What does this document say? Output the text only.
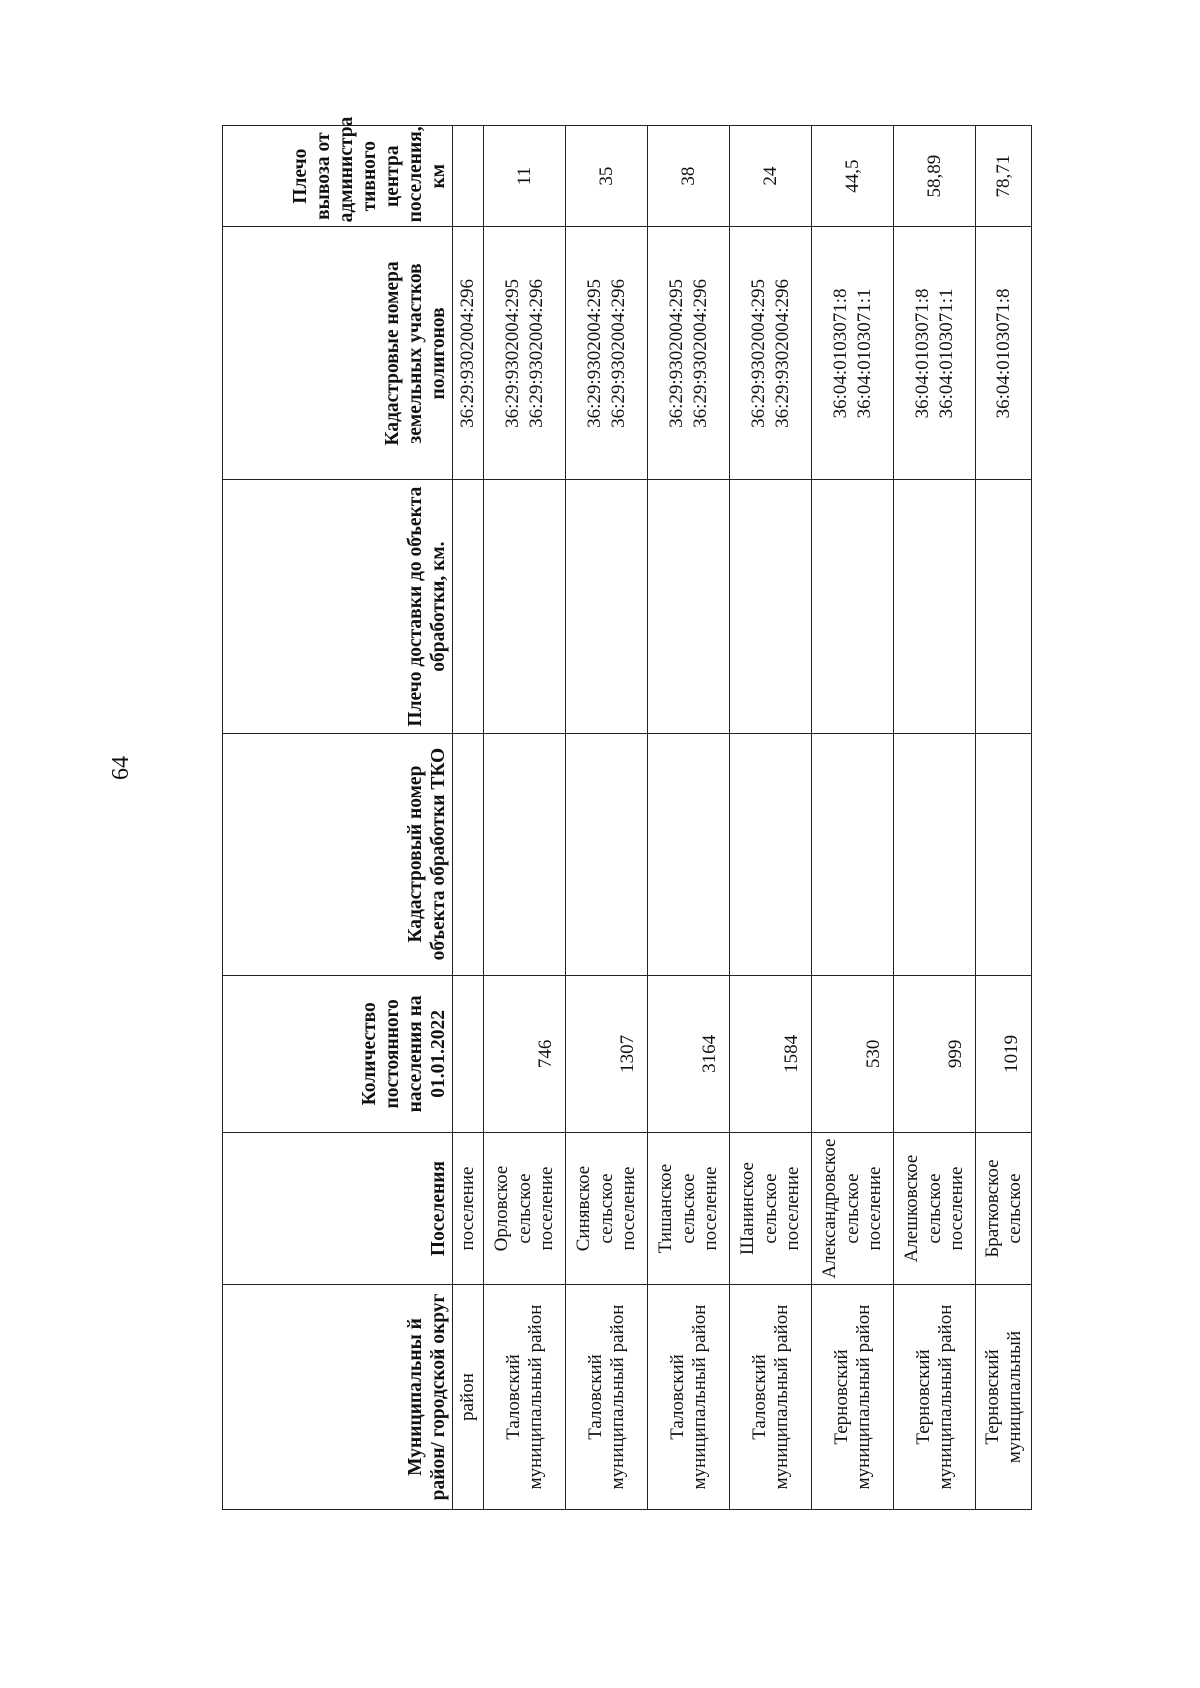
64
Муниципальны й район/ городской округ	Поселения	Количество постоянного населения на 01.01.2022	Кадастровый номер объекта обработки ТКО	Плечо доставки до объекта обработки, км.	Кадастровые номера земельных участков полигонов	Плечо вывоза от администра тивного центра поселения, км
район	поселение				36:29:9302004:296	

Таловский муниципальный район	Орловское сельское поселение	746			36:29:9302004:295 36:29:9302004:296	11
Таловский муниципальный район	Синявское сельское поселение	1307			36:29:9302004:295 36:29:9302004:296	35
Таловский муниципальный район	Тишанское сельское поселение	3164			36:29:9302004:295 36:29:9302004:296	38
Таловский муниципальный район	Шанинское сельское поселение	1584			36:29:9302004:295 36:29:9302004:296	24
Терновский муниципальный район	Александровское сельское поселение	530			36:04:0103071:8 36:04:0103071:1	44,5
Терновский муниципальный район	Алешковское сельское поселение	999			36:04:0103071:8 36:04:0103071:1	58,89
Терновский муниципальный	Братковское сельское	1019			36:04:0103071:8	78,71
